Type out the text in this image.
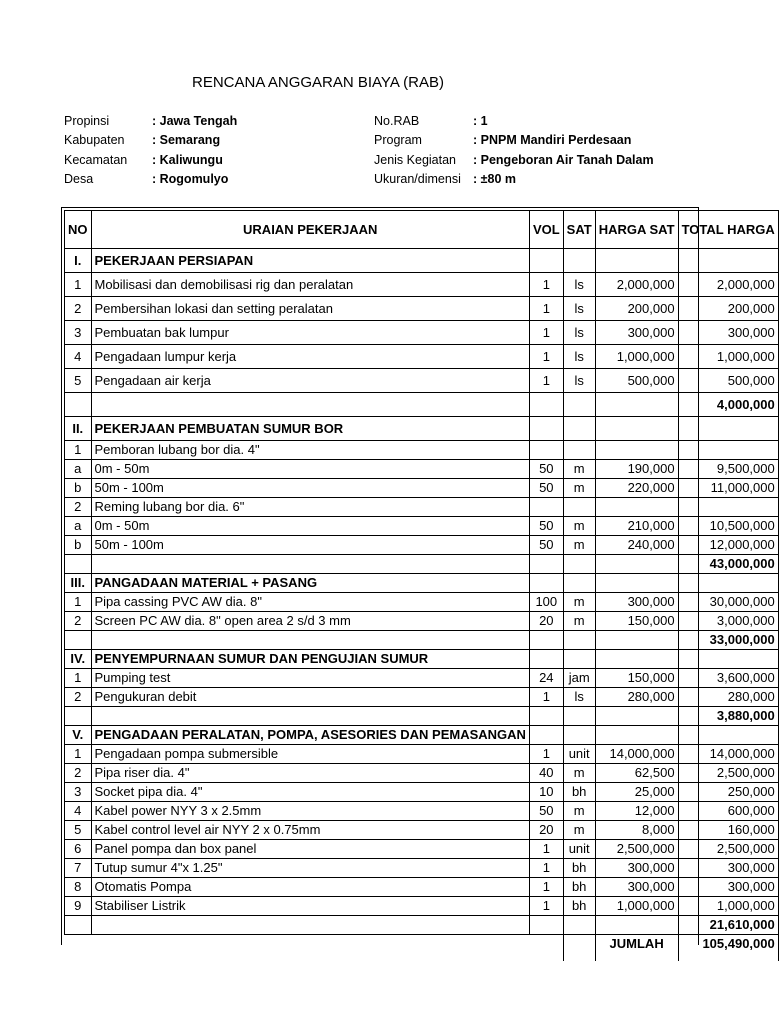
RENCANA ANGGARAN BIAYA (RAB)
Propinsi	: Jawa Tengah
Kabupaten : Semarang
Kecamatan : Kaliwungu
Desa	: Rogomulyo
No.RAB	: 1
Program	: PNPM Mandiri Perdesaan
Jenis Kegiatan : Pengeboran Air Tanah Dalam
Ukuran/dimensi : ±80 m
NO	URAIAN PEKERJAAN	VOL	SAT	HARGA SAT	TOTAL HARGA
I.	PEKERJAAN PERSIAPAN				
1	Mobilisasi dan demobilisasi rig dan peralatan	1	ls	2,000,000	2,000,000
2	Pembersihan lokasi dan setting peralatan	1	ls	200,000	200,000
3	Pembuatan bak lumpur	1	ls	300,000	300,000
4	Pengadaan lumpur kerja	1	ls	1,000,000	1,000,000
5	Pengadaan air kerja	1	ls	500,000	500,000
					4,000,000
II.	PEKERJAAN PEMBUATAN SUMUR BOR				
1	Pemboran lubang bor dia. 4"				
a	0m - 50m	50	m	190,000	9,500,000
b	50m - 100m	50	m	220,000	11,000,000
2	Reming lubang bor dia. 6"				
a	0m - 50m	50	m	210,000	10,500,000
b	50m - 100m	50	m	240,000	12,000,000
					43,000,000
III.	PANGADAAN MATERIAL + PASANG				
1	Pipa cassing PVC AW dia. 8"	100	m	300,000	30,000,000
2	Screen PC AW dia. 8" open area 2 s/d 3 mm	20	m	150,000	3,000,000
					33,000,000
IV.	PENYEMPURNAAN SUMUR DAN PENGUJIAN SUMUR				
1	Pumping test	24	jam	150,000	3,600,000
2	Pengukuran debit	1	ls	280,000	280,000
					3,880,000
V.	PENGADAAN PERALATAN, POMPA, ASESORIES DAN PEMASANGAN				
1	Pengadaan pompa submersible	1	unit	14,000,000	14,000,000
2	Pipa riser dia. 4"	40	m	62,500	2,500,000
3	Socket pipa dia. 4"	10	bh	25,000	250,000
4	Kabel power NYY 3 x 2.5mm	50	m	12,000	600,000
5	Kabel control level air NYY 2 x 0.75mm	20	m	8,000	160,000
6	Panel pompa dan box panel	1	unit	2,500,000	2,500,000
7	Tutup sumur 4"x 1.25"	1	bh	300,000	300,000
8	Otomatis Pompa	1	bh	300,000	300,000
9	Stabiliser Listrik	1	bh	1,000,000	1,000,000
					21,610,000
				JUMLAH	105,490,000
